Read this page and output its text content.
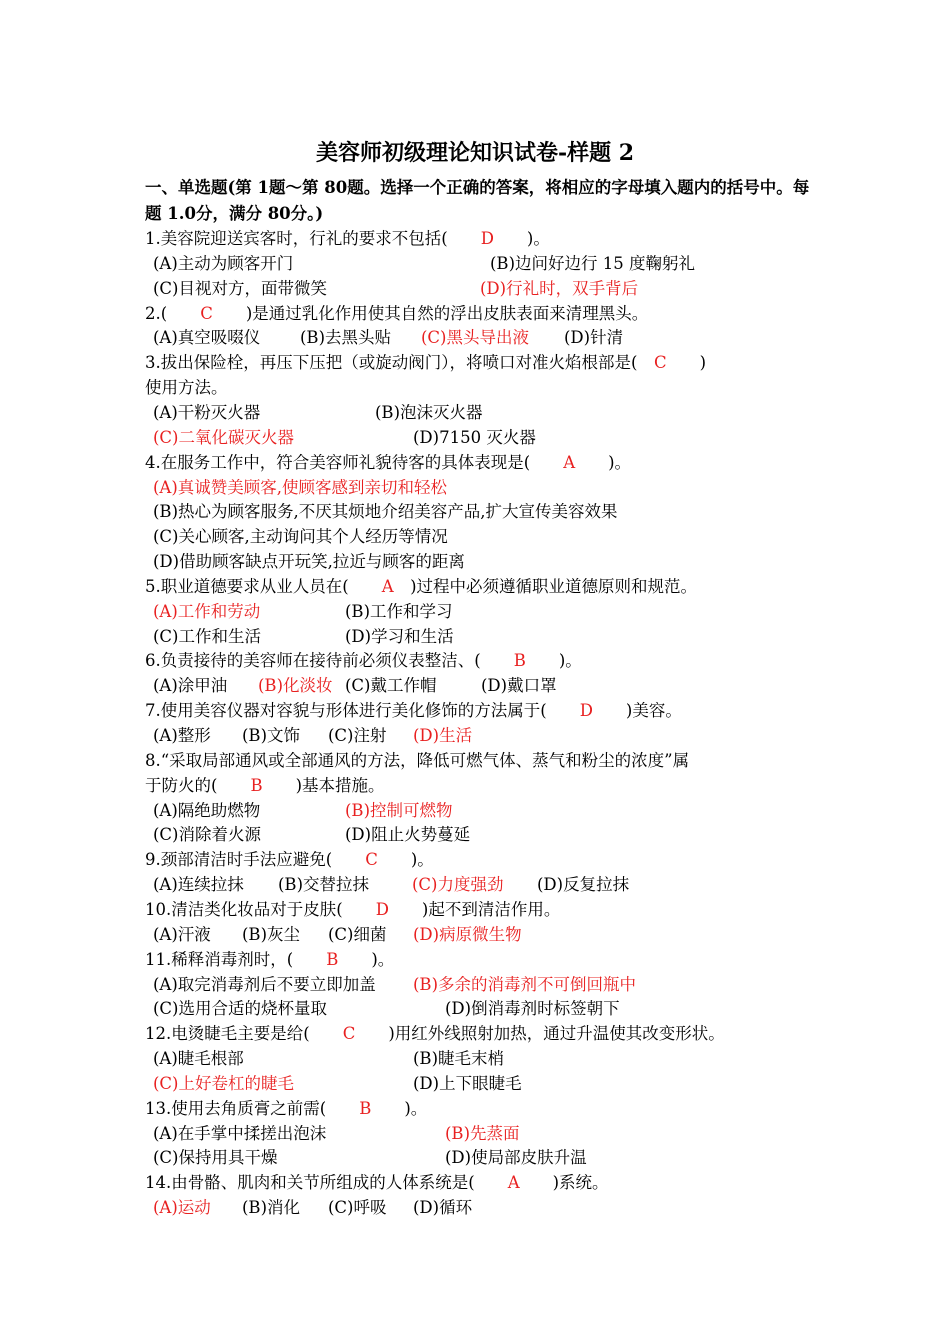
美容师初级理论知识试卷-样题 2
一、单选题(第 1题～第 80题。选择一个正确的答案，将相应的字母填入题内的括号中。每题 1.0分，满分 80分。)
1.美容院迎送宾客时，行礼的要求不包括(　　D　　)。
(A)主动为顾客开门	(B)边问好边行 15 度鞠躬礼
(C)目视对方，面带微笑	(D)行礼时，双手背后
2.(　　C　　)是通过乳化作用使其自然的浮出皮肤表面来清理黑头。
(A)真空吸啜仪 (B)去黑头贴 (C)黑头导出液 (D)针清
3.拔出保险栓，再压下压把（或旋动阀门），将喷口对准火焰根部是(　C　　)
使用方法。
(A)干粉灭火器	(B)泡沫灭火器
(C)二氧化碳灭火器	(D)7150 灭火器
4.在服务工作中，符合美容师礼貌待客的具体表现是(　　A　　)。
(A)真诚赞美顾客,使顾客感到亲切和轻松
(B)热心为顾客服务,不厌其烦地介绍美容产品,扩大宣传美容效果
(C)关心顾客,主动询问其个人经历等情况
(D)借助顾客缺点开玩笑,拉近与顾客的距离
5.职业道德要求从业人员在(　　A　)过程中必须遵循职业道德原则和规范。
(A)工作和劳动	(B)工作和学习
(C)工作和生活	(D)学习和生活
6.负责接待的美容师在接待前必须仪表整洁、(　　B　　)。
(A)涂甲油 (B)化淡妆 (C)戴工作帽	(D)戴口罩
7.使用美容仪器对容貌与形体进行美化修饰的方法属于(　　D　　)美容。
(A)整形 (B)文饰 (C)注射 (D)生活
8.“采取局部通风或全部通风的方法，降低可燃气体、蒸气和粉尘的浓度”属
于防火的(　　B　　)基本措施。
(A)隔绝助燃物	(B)控制可燃物
(C)消除着火源	(D)阻止火势蔓延
9.颈部清洁时手法应避免(　　C　　)。
(A)连续拉抹 (B)交替拉抹	(C)力度强劲 (D)反复拉抹
10.清洁类化妆品对于皮肤(　　D　　)起不到清洁作用。
(A)汗液 (B)灰尘 (C)细菌 (D)病原微生物
11.稀释消毒剂时，(　　B　　)。
(A)取完消毒剂后不要立即加盖 (B)多余的消毒剂不可倒回瓶中
(C)选用合适的烧杯量取	(D)倒消毒剂时标签朝下
12.电烫睫毛主要是给(　　C　　)用红外线照射加热，通过升温使其改变形状。
(A)睫毛根部	(B)睫毛末梢
(C)上好卷杠的睫毛	(D)上下眼睫毛
13.使用去角质膏之前需(　　B　　)。
(A)在手掌中揉搓出泡沫	(B)先蒸面
(C)保持用具干燥	(D)使局部皮肤升温
14.由骨骼、肌肉和关节所组成的人体系统是(　　A　　)系统。
(A)运动 (B)消化 (C)呼吸 (D)循环
